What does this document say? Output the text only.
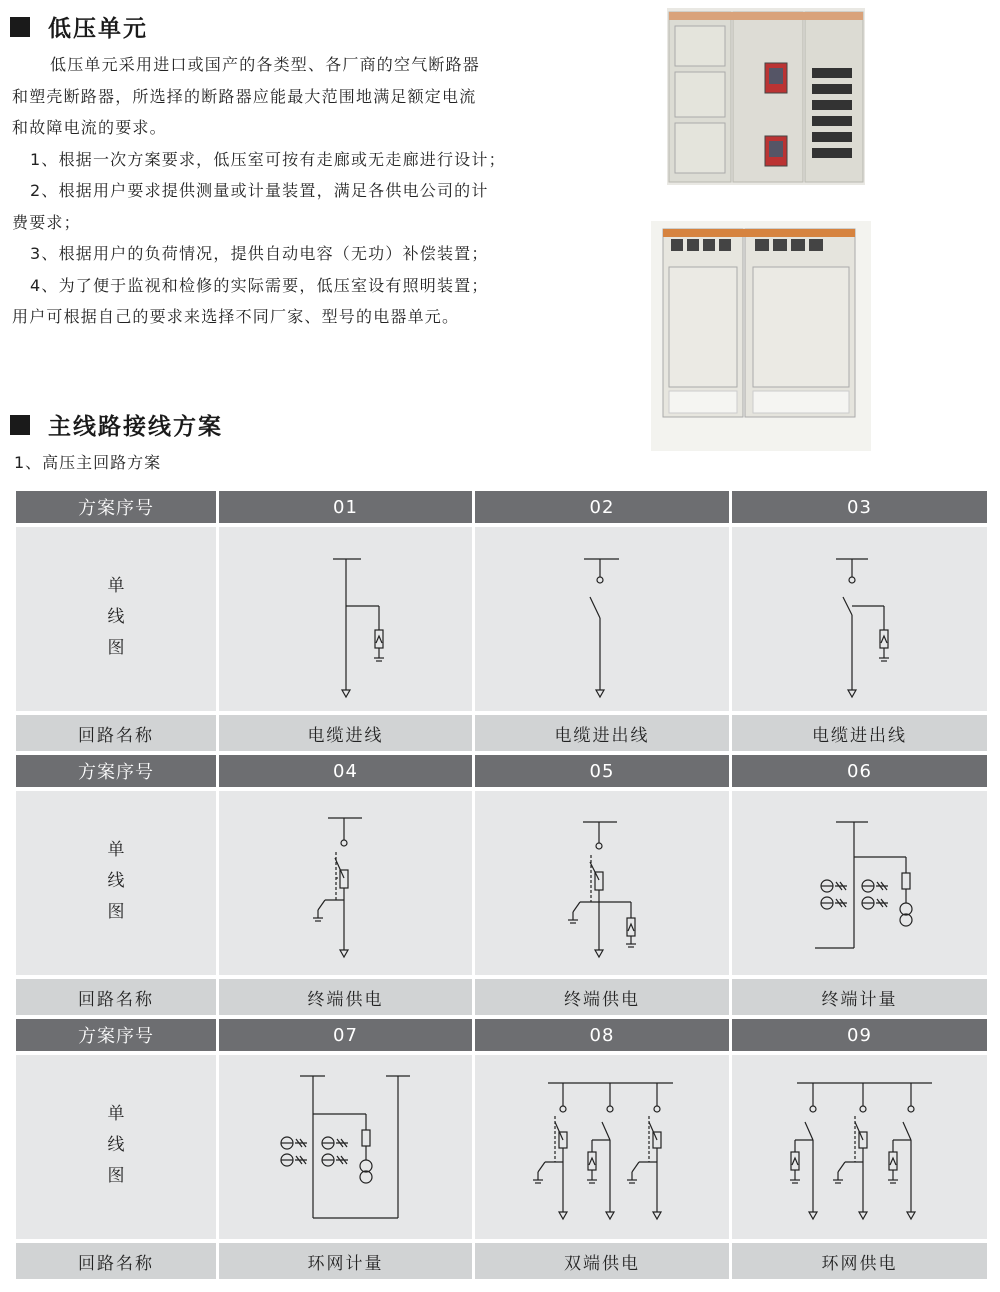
低压单元

低压单元采用进口或国产的各类型、各厂商的空气断路器

和塑壳断路器，所选择的断路器应能最大范围地满足额定电流

和故障电流的要求。

1、根据一次方案要求，低压室可按有走廊或无走廊进行设计；

2、根据用户要求提供测量或计量装置，满足各供电公司的计

费要求；

3、根据用户的负荷情况，提供自动电容（无功）补偿装置；

4、为了便于监视和检修的实际需要，低压室设有照明装置；

用户可根据自己的要求来选择不同厂家、型号的电器单元。

主线路接线方案
1、高压主回路方案
方案序号	01	02	03
单
线
图
回路名称	电缆进线	电缆进出线	电缆进出线
方案序号	04	05	06
单
线
图
回路名称	终端供电	终端供电	终端计量
方案序号	07	08	09
单
线
图
回路名称	环网计量	双端供电	环网供电
